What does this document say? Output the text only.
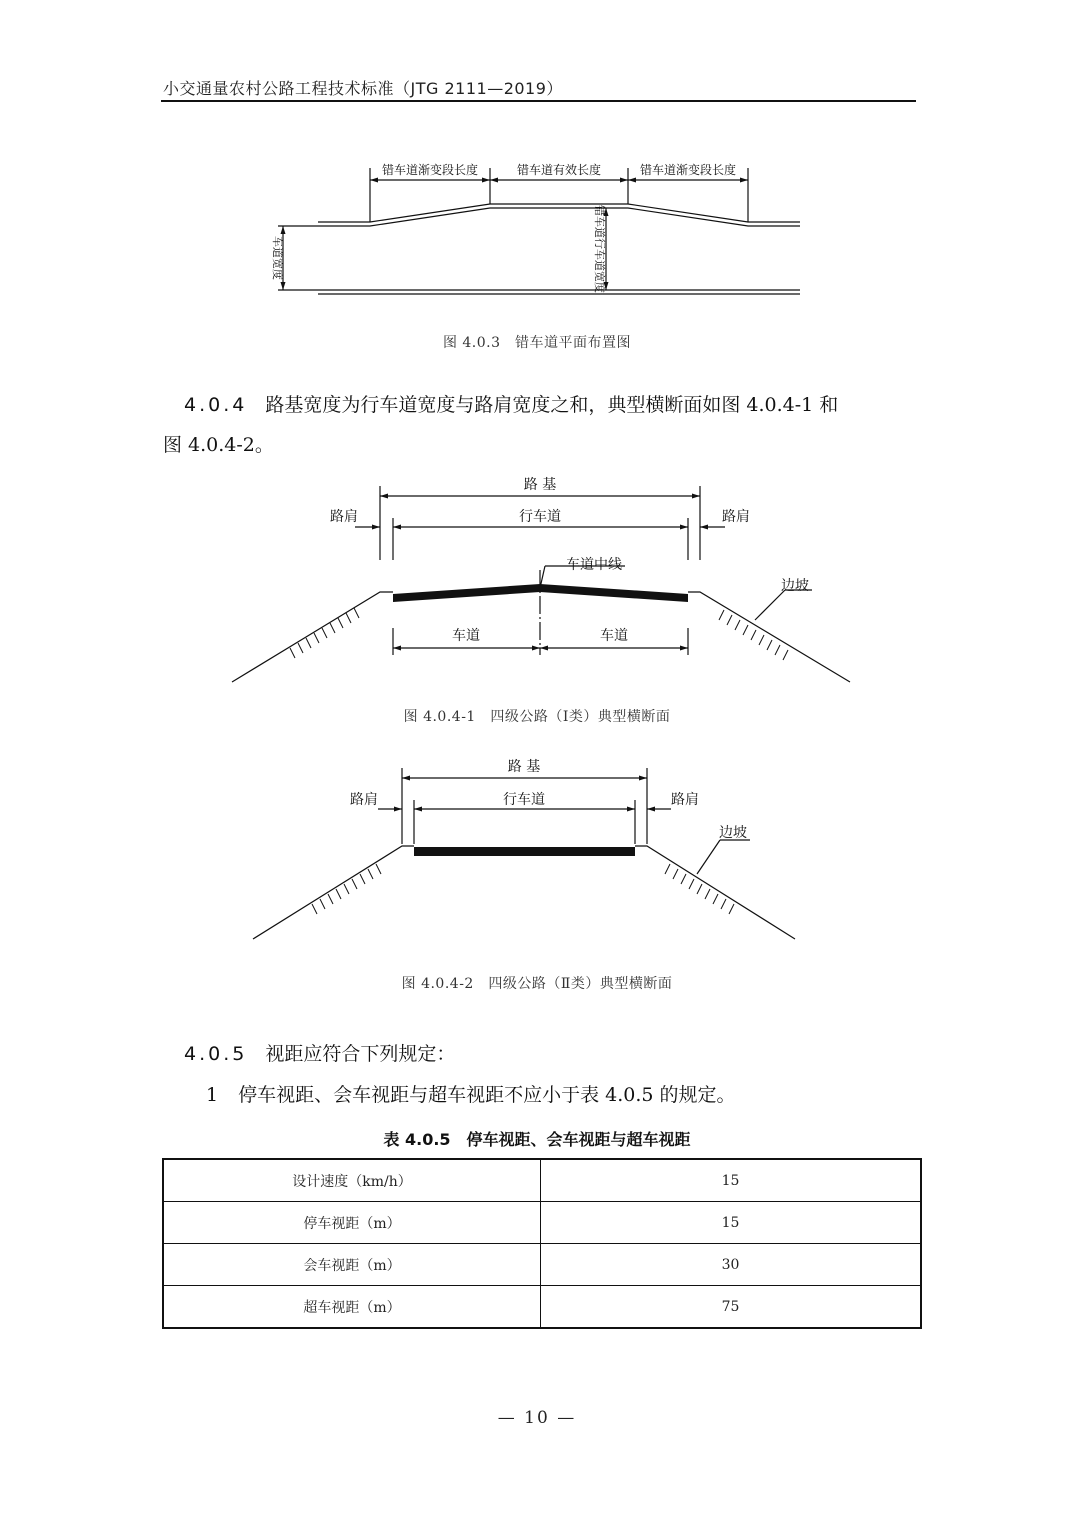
小交通量农村公路工程技术标准（JTG 2111—2019）
错车道渐变段长度	错车道有效长度	错车道渐变段长度
车道宽度	错车道行车道宽度
图 4.0.3　错车道平面布置图
4.0.4 路基宽度为行车道宽度与路肩宽度之和，典型横断面如图 4.0.4-1 和
图 4.0.4-2。
路 基
路肩	行车道	路肩
车道中线
边坡
车道	车道
图 4.0.4-1　四级公路（Ⅰ类）典型横断面
路 基
路肩	行车道	路肩
边坡
图 4.0.4-2　四级公路（Ⅱ类）典型横断面
4.0.5 视距应符合下列规定：
1 停车视距、会车视距与超车视距不应小于表 4.0.5 的规定。
表 4.0.5　停车视距、会车视距与超车视距
设计速度（km/h）	15
停车视距（m）	15
会车视距（m）	30
超车视距（m）	75
— 10 —
